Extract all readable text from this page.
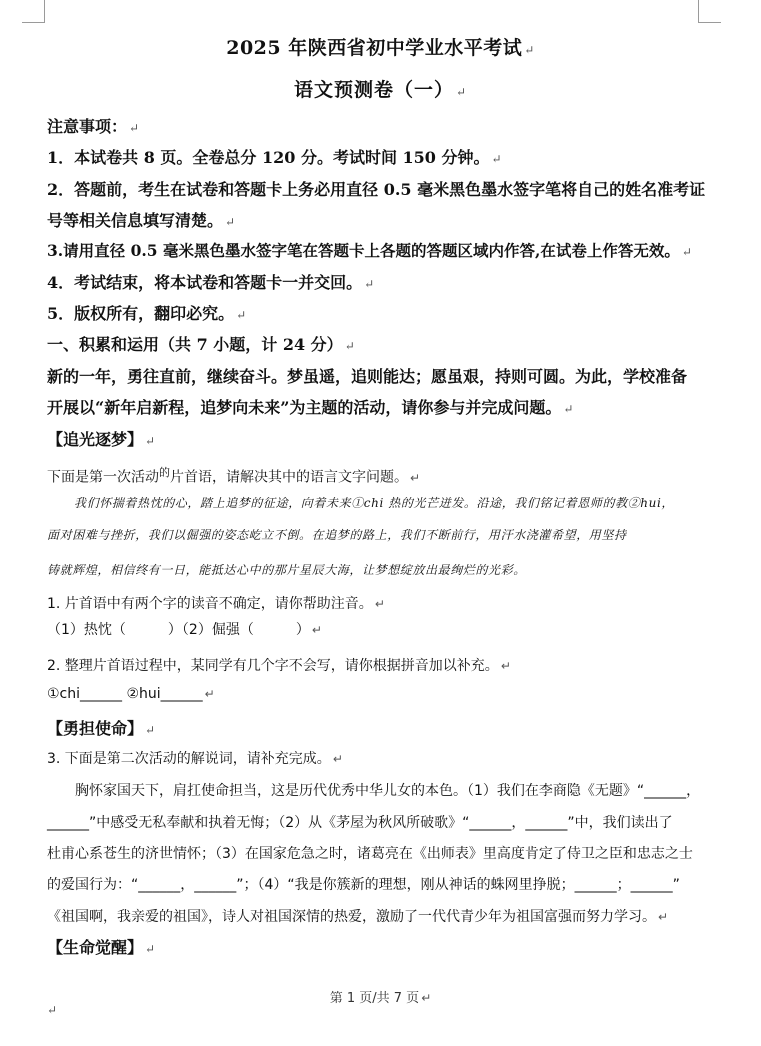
2025 年陕西省初中学业水平考试 ↵
语文预测卷（一） ↵
注意事项： ↵
1．本试卷共 8 页。全卷总分 120 分。考试时间 150 分钟。 ↵
2．答题前，考生在试卷和答题卡上务必用直径 0.5 毫米黑色墨水签字笔将自己的姓名准考证
号等相关信息填写清楚。 ↵
3.请用直径 0.5 毫米黑色墨水签字笔在答题卡上各题的答题区域内作答,在试卷上作答无效。 ↵
4．考试结束，将本试卷和答题卡一并交回。 ↵
5．版权所有，翻印必究。 ↵
一、积累和运用（共 7 小题，计 24 分） ↵
新的一年，勇往直前，继续奋斗。梦虽遥，追则能达；愿虽艰，持则可圆。为此，学校准备
开展以“新年启新程，追梦向未来”为主题的活动，请你参与并完成问题。 ↵
【追光逐梦】 ↵
下面是第一次活动$^的$片首语，请解决其中的语言文字问题。 ↵
我们怀揣着热忱的心，踏上追梦的征途，向着未来①chi 热的光芒迸发。沿途，我们铭记着恩师的教②hui，
面对困难与挫折，我们以倔强的姿态屹立不倒。在追梦的路上，我们不断前行，用汗水浇灌希望，用坚持
铸就辉煌，相信终有一日，能抵达心中的那片星辰大海，让梦想绽放出最绚烂的光彩。
1. 片首语中有两个字的读音不确定，请你帮助注音。 ↵
（1）热忱（　　　）（2）倔强（　　　） ↵
2. 整理片首语过程中，某同学有几个字不会写，请你根据拼音加以补充。 ↵
①chi______ ②hui______ ↵
【勇担使命】 ↵
3. 下面是第二次活动的解说词，请补充完成。 ↵
胸怀家国天下，肩扛使命担当，这是历代优秀中华儿女的本色。（1）我们在李商隐《无题》“______，
______”中感受无私奉献和执着无悔；（2）从《茅屋为秋风所破歌》“______，______”中，我们读出了
杜甫心系苍生的济世情怀；（3）在国家危急之时，诸葛亮在《出师表》里高度肯定了侍卫之臣和忠志之士
的爱国行为：“______，______”；（4）“我是你簇新的理想，刚从神话的蛛网里挣脱；______；______”
《祖国啊，我亲爱的祖国》，诗人对祖国深情的热爱，激励了一代代青少年为祖国富强而努力学习。 ↵
【生命觉醒】 ↵
第 1 页/共 7 页 ↵
↵
